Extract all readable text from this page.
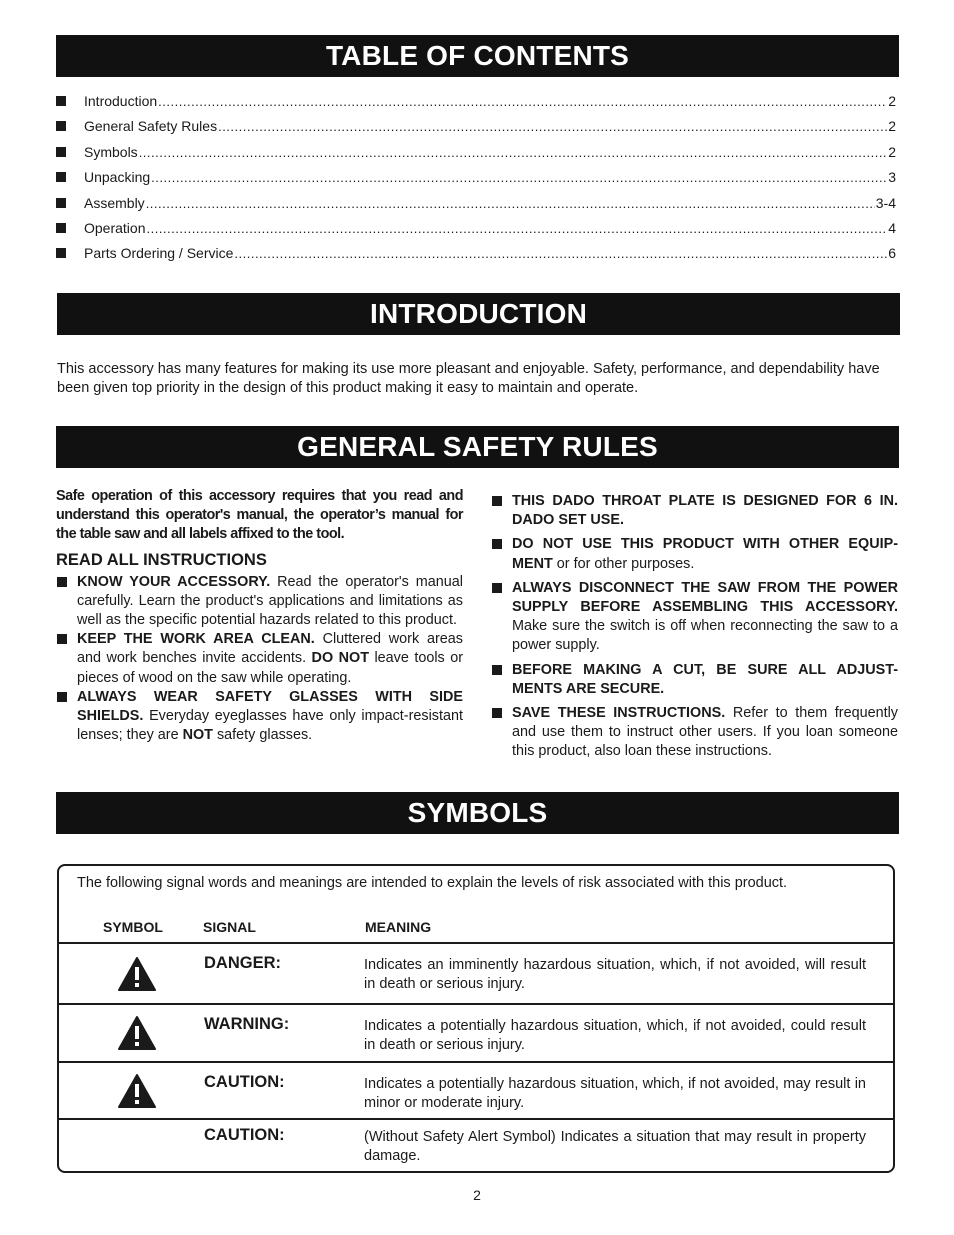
TABLE OF CONTENTS
Introduction .....	2
General Safety Rules .....	2
Symbols .....	2
Unpacking .....	3
Assembly .....	3-4
Operation .....	4
Parts Ordering / Service .....	6
INTRODUCTION

This accessory has many features for making its use more pleasant and enjoyable. Safety, performance, and dependability have been given top priority in the design of this product making it easy to maintain and operate.

GENERAL SAFETY RULES

Safe operation of this accessory requires that you read and understand this operator's manual, the operator’s manual for the table saw and all labels affixed to the tool.

READ ALL INSTRUCTIONS

KNOW YOUR ACCESSORY. Read the operator's manual carefully. Learn the product's applications and limitations as well as the specific potential hazards related to this product.
KEEP THE WORK AREA CLEAN. Cluttered work areas and work benches invite accidents. DO NOT leave tools or pieces of wood on the saw while operating.
ALWAYS WEAR SAFETY GLASSES WITH SIDE SHIELDS. Everyday eyeglasses have only impact-resistant lenses; they are NOT safety glasses.
THIS DADO THROAT PLATE IS DESIGNED FOR 6 IN. DADO SET USE.
DO NOT USE THIS PRODUCT WITH OTHER EQUIP-MENT or for other purposes.
ALWAYS DISCONNECT THE SAW FROM THE POWER SUPPLY BEFORE ASSEMBLING THIS ACCESSORY. Make sure the switch is off when reconnecting the saw to a power supply.
BEFORE MAKING A CUT, BE SURE ALL ADJUST-MENTS ARE SECURE.
SAVE THESE INSTRUCTIONS. Refer to them frequently and use them to instruct other users. If you loan someone this product, also loan these instructions.
SYMBOLS

The following signal words and meanings are intended to explain the levels of risk associated with this product.

SYMBOL	SIGNAL	MEANING

DANGER:	Indicates an imminently hazardous situation, which, if not avoided, will result in death or serious injury.

WARNING:	Indicates a potentially hazardous situation, which, if not avoided, could result in death or serious injury.

CAUTION:	Indicates a potentially hazardous situation, which, if not avoided, may result in minor or moderate injury.

CAUTION:	(Without Safety Alert Symbol) Indicates a situation that may result in property damage.

2
